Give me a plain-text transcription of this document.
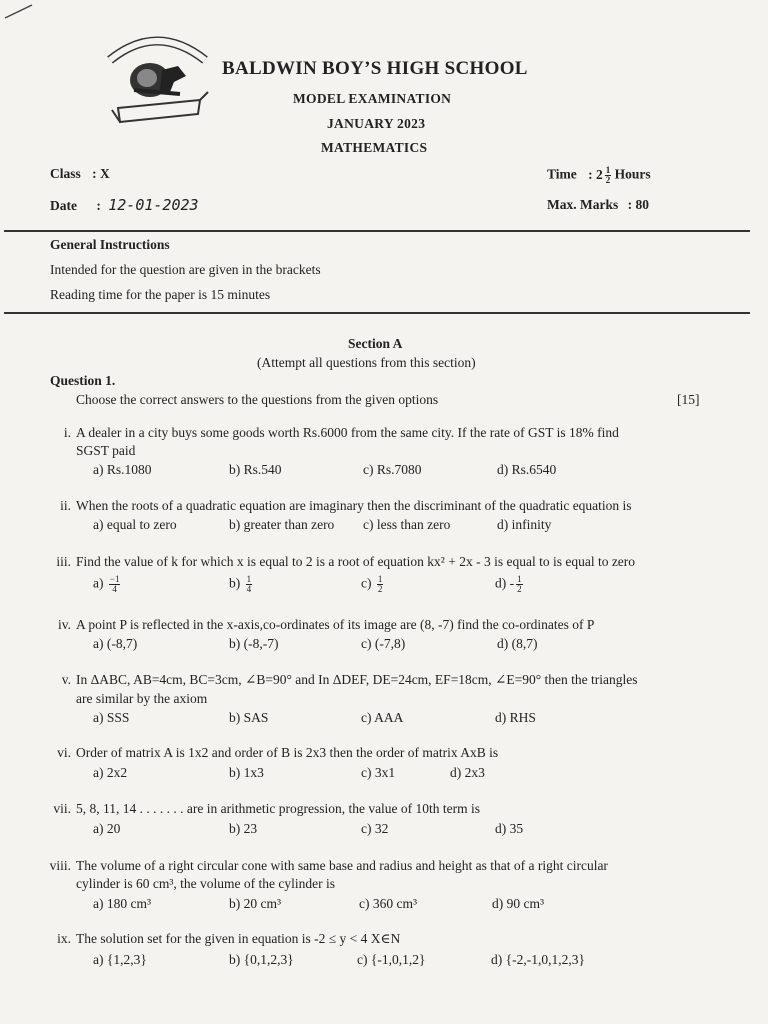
BALDWIN BOY’S HIGH SCHOOL
MODEL EXAMINATION
JANUARY 2023
MATHEMATICS
Class : X
Date : 12-01-2023
Time : $2 \frac{1}{2}$ Hours
Max. Marks : 80
General Instructions
Intended for the question are given in the brackets
Reading time for the paper is 15 minutes
Section A
(Attempt all questions from this section)
Question 1.
Choose the correct answers to the questions from the given options	[15]
i. A dealer in a city buys some goods worth Rs.6000 from the same city. If the rate of GST is 18% find
SGST paid
a) Rs.1080	b) Rs.540	c) Rs.7080	d) Rs.6540
ii. When the roots of a quadratic equation are imaginary then the discriminant of the quadratic equation is
a) equal to zero	b) greater than zero c) less than zero	d) infinity
iii. Find the value of k for which x is equal to 2 is a root of equation kx² + 2x - 3 is equal to is equal to zero
$a) \frac{-1}{4}$	$b) \frac{1}{4}$	$c) \frac{1}{2}$	$d) - \frac{1}{2}$
iv. A point P is reflected in the x-axis,co-ordinates of its image are (8, -7) find the co-ordinates of P
a) (-8,7)	b) (-8,-7)	c) (-7,8)	d) (8,7)
v. In ΔABC, AB=4cm, BC=3cm, ∠B=90° and In ΔDEF, DE=24cm, EF=18cm, ∠E=90° then the triangles
are similar by the axiom
a) SSS	b) SAS	c) AAA	d) RHS
vi. Order of matrix A is 1x2 and order of B is 2x3 then the order of matrix AxB is
a) 2x2	b) 1x3	c) 3x1	d) 2x3
vii. 5, 8, 11, 14 . . . . . . . are in arithmetic progression, the value of 10th term is
a) 20	b) 23	c) 32	d) 35
viii. The volume of a right circular cone with same base and radius and height as that of a right circular
cylinder is 60 cm³, the volume of the cylinder is
a) 180 cm³	b) 20 cm³	c) 360 cm³	d) 90 cm³
ix. The solution set for the given in equation is -2 ≤ y < 4 X∈N
a) {1,2,3}	b) {0,1,2,3}	c) {-1,0,1,2}	d) {-2,-1,0,1,2,3}
